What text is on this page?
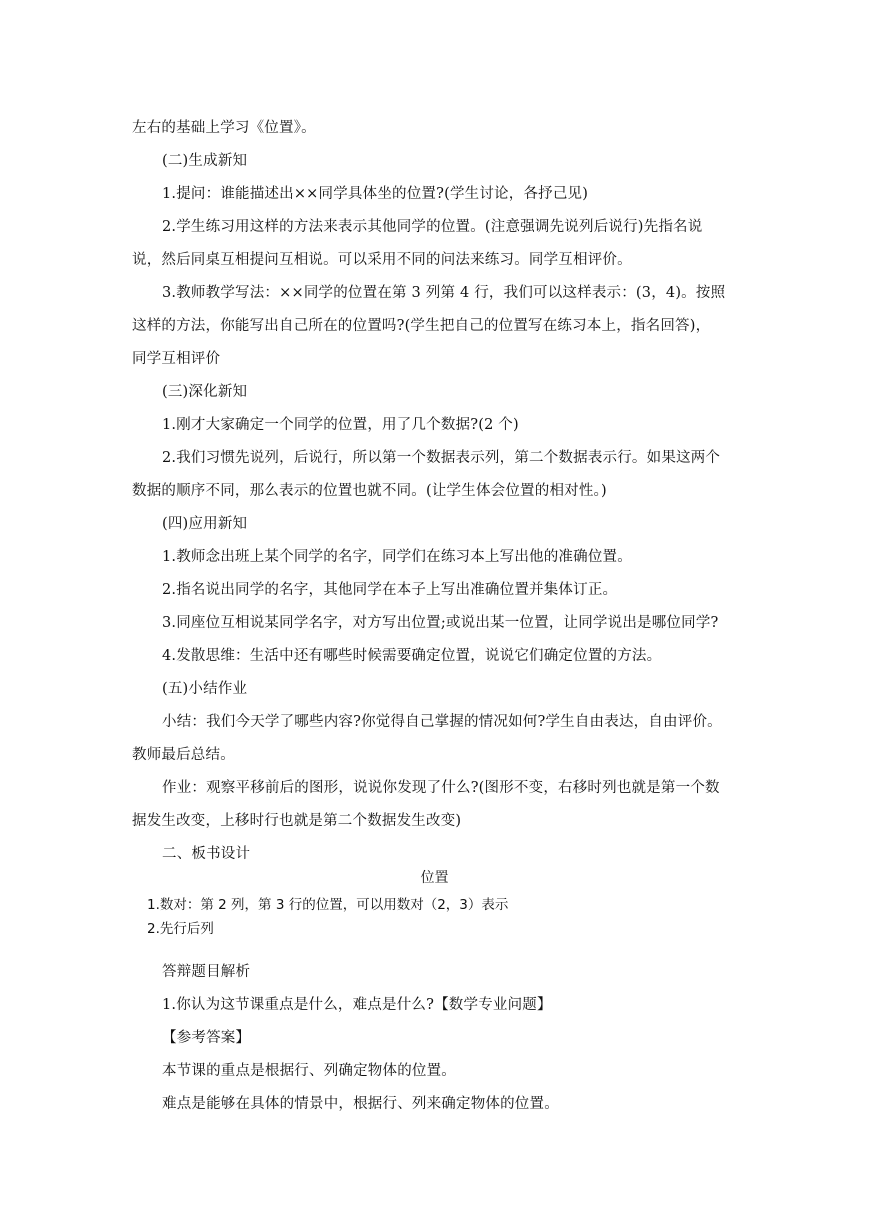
左右的基础上学习《位置》。
(二)生成新知
1.提问：谁能描述出××同学具体坐的位置?(学生讨论，各抒己见)
2.学生练习用这样的方法来表示其他同学的位置。(注意强调先说列后说行)先指名说
说，然后同桌互相提问互相说。可以采用不同的问法来练习。同学互相评价。
3.教师教学写法：××同学的位置在第 3 列第 4 行，我们可以这样表示：(3，4)。按照
这样的方法，你能写出自己所在的位置吗?(学生把自己的位置写在练习本上，指名回答)，
同学互相评价
(三)深化新知
1.刚才大家确定一个同学的位置，用了几个数据?(2 个)
2.我们习惯先说列，后说行，所以第一个数据表示列，第二个数据表示行。如果这两个
数据的顺序不同，那么表示的位置也就不同。(让学生体会位置的相对性。)
(四)应用新知
1.教师念出班上某个同学的名字，同学们在练习本上写出他的准确位置。
2.指名说出同学的名字，其他同学在本子上写出准确位置并集体订正。
3.同座位互相说某同学名字，对方写出位置;或说出某一位置，让同学说出是哪位同学?
4.发散思维：生活中还有哪些时候需要确定位置，说说它们确定位置的方法。
(五)小结作业
小结：我们今天学了哪些内容?你觉得自己掌握的情况如何?学生自由表达，自由评价。
教师最后总结。
作业：观察平移前后的图形，说说你发现了什么?(图形不变，右移时列也就是第一个数
据发生改变，上移时行也就是第二个数据发生改变)
二、板书设计
位置
1.数对：第 2 列，第 3 行的位置，可以用数对（2，3）表示
2.先行后列
答辩题目解析
1.你认为这节课重点是什么，难点是什么?【数学专业问题】
【参考答案】
本节课的重点是根据行、列确定物体的位置。
难点是能够在具体的情景中，根据行、列来确定物体的位置。
